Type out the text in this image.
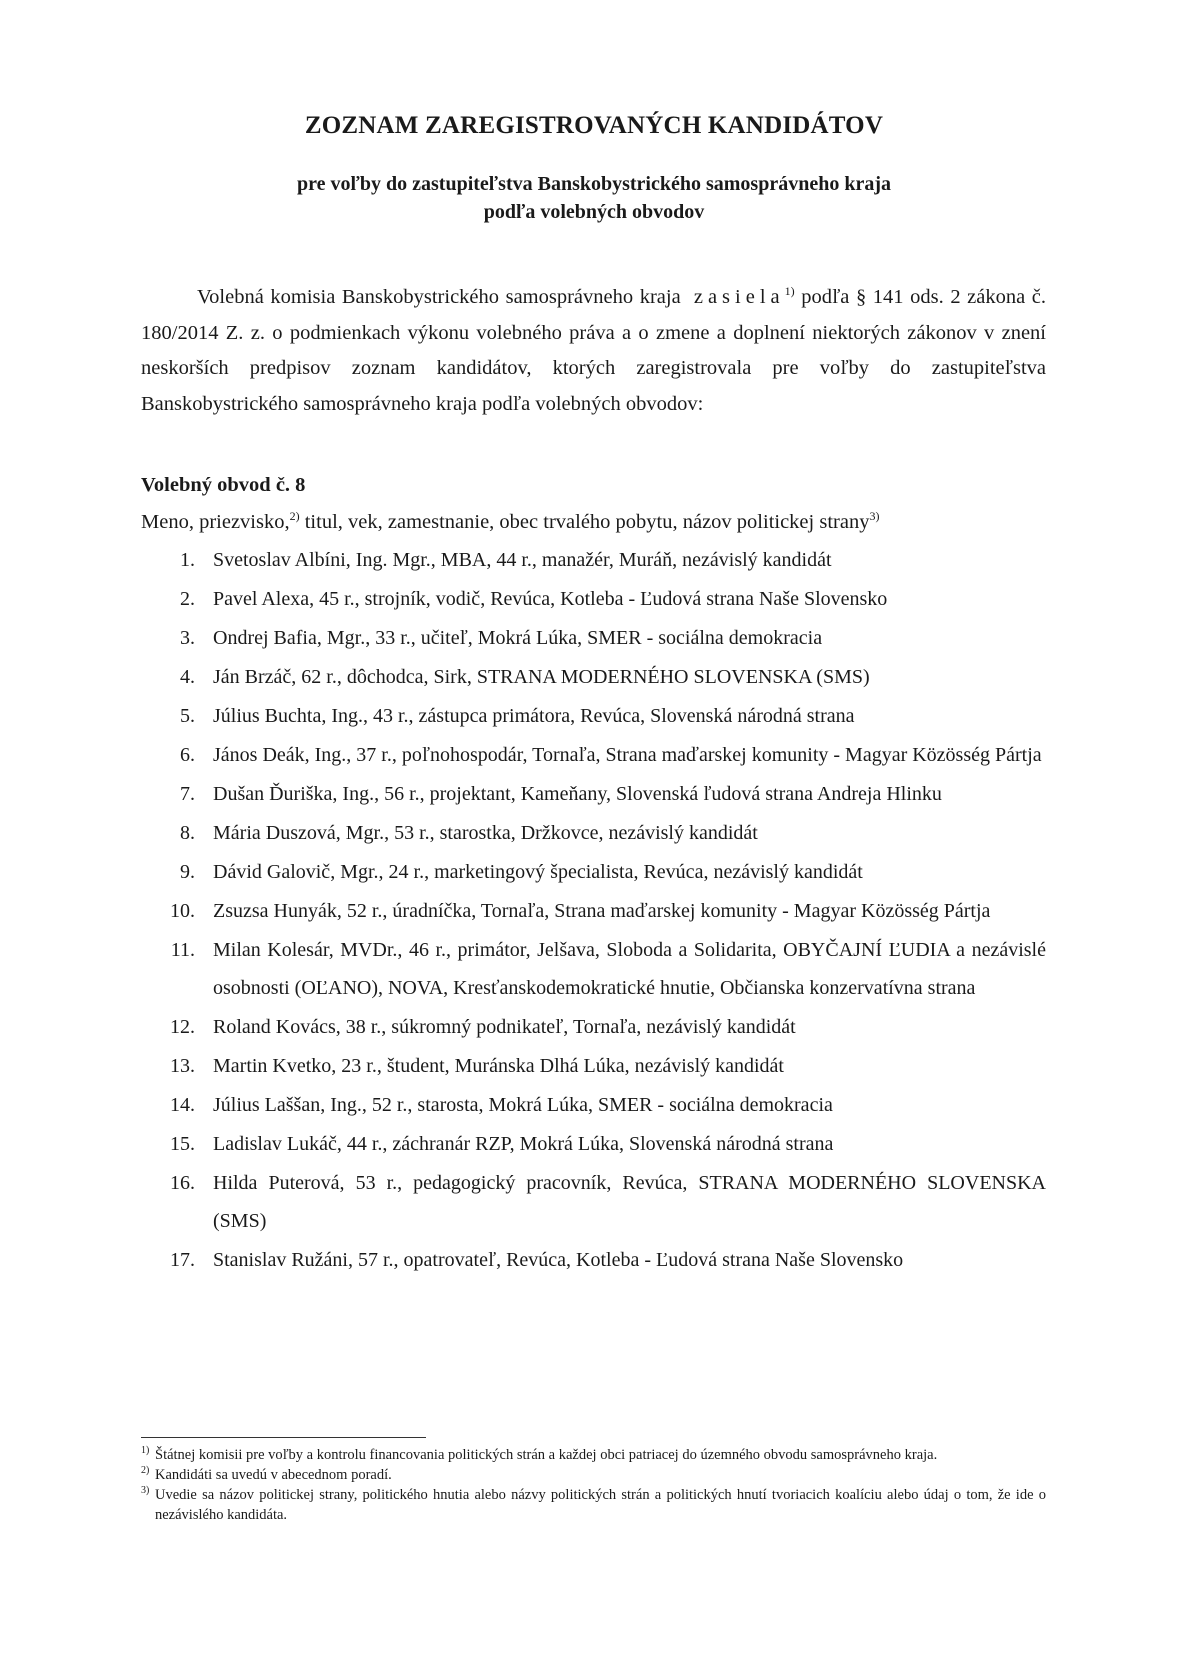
ZOZNAM ZAREGISTROVANÝCH KANDIDÁTOV
pre voľby do zastupiteľstva Banskobystrického samosprávneho kraja
podľa volebných obvodov
Volebná komisia Banskobystrického samosprávneho kraja zasiela$^{1)}$ podľa § 141 ods. 2 zákona č. 180/2014 Z. z. o podmienkach výkonu volebného práva a o zmene a doplnení niektorých zákonov v znení neskorších predpisov zoznam kandidátov, ktorých zaregistrovala pre voľby do zastupiteľstva Banskobystrického samosprávneho kraja podľa volebných obvodov:
Volebný obvod č. 8
Meno, priezvisko,$^{2)}$ titul, vek, zamestnanie, obec trvalého pobytu, názov politickej strany$^{3)}$
1. Svetoslav Albíni, Ing. Mgr., MBA, 44 r., manažér, Muráň, nezávislý kandidát
2. Pavel Alexa, 45 r., strojník, vodič, Revúca, Kotleba - Ľudová strana Naše Slovensko
3. Ondrej Bafia, Mgr., 33 r., učiteľ, Mokrá Lúka, SMER - sociálna demokracia
4. Ján Brzáč, 62 r., dôchodca, Sirk, STRANA MODERNÉHO SLOVENSKA (SMS)
5. Július Buchta, Ing., 43 r., zástupca primátora, Revúca, Slovenská národná strana
6. János Deák, Ing., 37 r., poľnohospodár, Tornaľa, Strana maďarskej komunity - Magyar Közösség Pártja
7. Dušan Ďuriška, Ing., 56 r., projektant, Kameňany, Slovenská ľudová strana Andreja Hlinku
8. Mária Duszová, Mgr., 53 r., starostka, Držkovce, nezávislý kandidát
9. Dávid Galovič, Mgr., 24 r., marketingový špecialista, Revúca, nezávislý kandidát
10. Zsuzsa Hunyák, 52 r., úradníčka, Tornaľa, Strana maďarskej komunity - Magyar Közösség Pártja
11. Milan Kolesár, MVDr., 46 r., primátor, Jelšava, Sloboda a Solidarita, OBYČAJNÍ ĽUDIA a nezávislé osobnosti (OĽANO), NOVA, Kresťanskodemokratické hnutie, Občianska konzervatívna strana
12. Roland Kovács, 38 r., súkromný podnikateľ, Tornaľa, nezávislý kandidát
13. Martin Kvetko, 23 r., študent, Muránska Dlhá Lúka, nezávislý kandidát
14. Július Laššan, Ing., 52 r., starosta, Mokrá Lúka, SMER - sociálna demokracia
15. Ladislav Lukáč, 44 r., záchranár RZP, Mokrá Lúka, Slovenská národná strana
16. Hilda Puterová, 53 r., pedagogický pracovník, Revúca, STRANA MODERNÉHO SLOVENSKA (SMS)
17. Stanislav Ružáni, 57 r., opatrovateľ, Revúca, Kotleba - Ľudová strana Naše Slovensko
$^{1)}$ Štátnej komisii pre voľby a kontrolu financovania politických strán a každej obci patriacej do územného obvodu samosprávneho kraja.
$^{2)}$ Kandidáti sa uvedú v abecednom poradí.
$^{3)}$ Uvedie sa názov politickej strany, politického hnutia alebo názvy politických strán a politických hnutí tvoriacich koalíciu alebo údaj o tom, že ide o nezávislého kandidáta.
